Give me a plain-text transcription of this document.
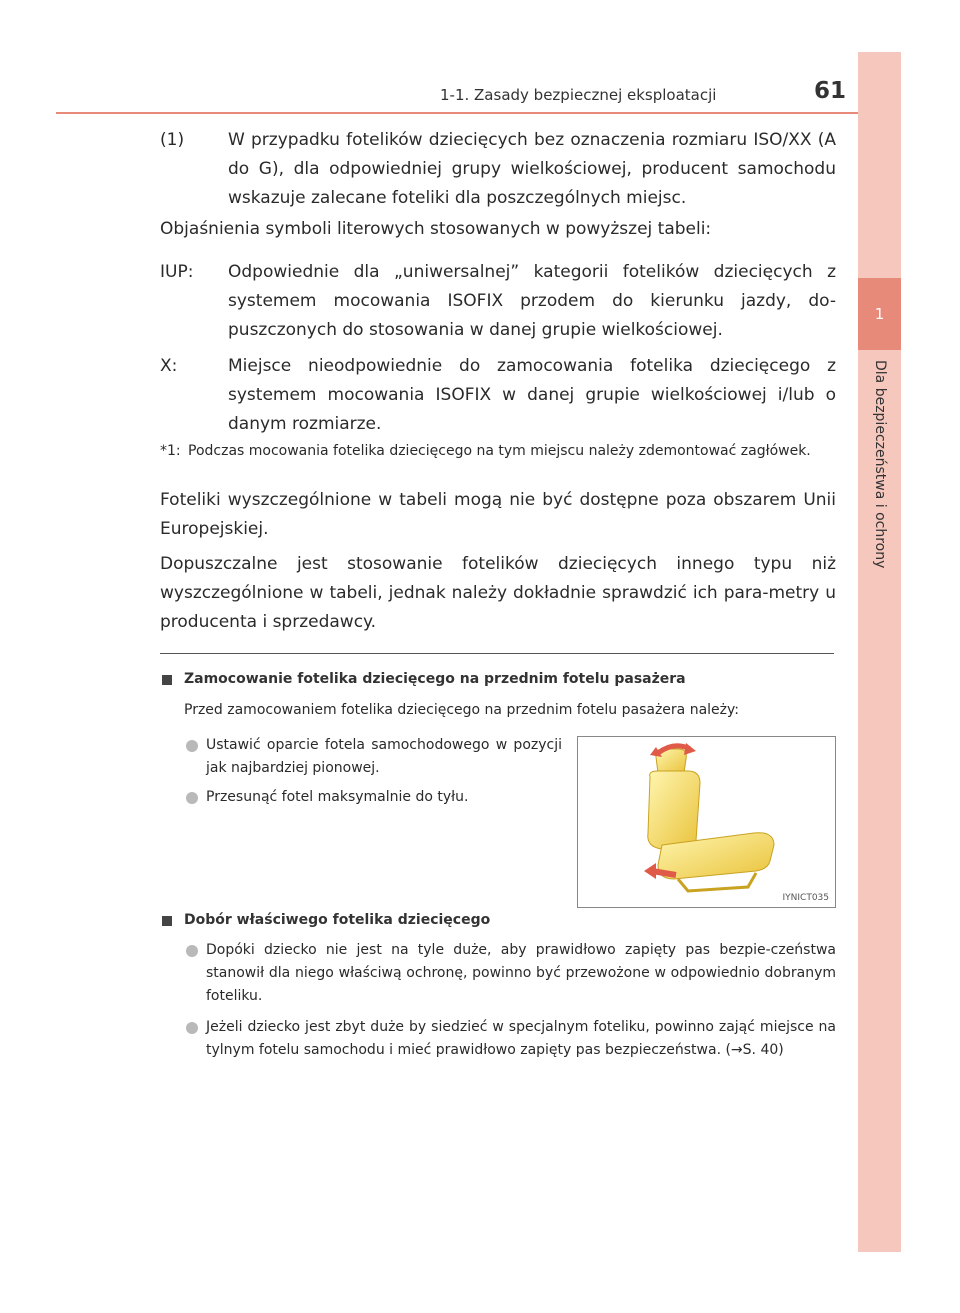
1
Dla bezpieczeństwa i ochrony
1-1. Zasady bezpiecznej eksploatacji	61
(1)	W przypadku fotelików dziecięcych bez oznaczenia rozmiaru ISO/XX (A do G), dla odpowiedniej grupy wielkościowej, producent samochodu wskazuje zalecane foteliki dla poszczególnych miejsc.
Objaśnienia symboli literowych stosowanych w powyższej tabeli:
IUP: Odpowiednie dla „uniwersalnej” kategorii fotelików dziecięcych z systemem mocowania ISOFIX przodem do kierunku jazdy, do-puszczonych do stosowania w danej grupie wielkościowej.
X:	Miejsce nieodpowiednie do zamocowania fotelika dziecięcego z systemem mocowania ISOFIX w danej grupie wielkościowej i/lub o danym rozmiarze.
*1: Podczas mocowania fotelika dziecięcego na tym miejscu należy zdemontować zagłówek.
Foteliki wyszczególnione w tabeli mogą nie być dostępne poza obszarem Unii Europejskiej.
Dopuszczalne jest stosowanie fotelików dziecięcych innego typu niż wyszczególnione w tabeli, jednak należy dokładnie sprawdzić ich para-metry u producenta i sprzedawcy.
Zamocowanie fotelika dziecięcego na przednim fotelu pasażera
Przed zamocowaniem fotelika dziecięcego na przednim fotelu pasażera należy:
Ustawić oparcie fotela samochodowego w pozycji jak najbardziej pionowej.
Przesunąć fotel maksymalnie do tyłu.
IYNICT035
Dobór właściwego fotelika dziecięcego
Dopóki dziecko nie jest na tyle duże, aby prawidłowo zapięty pas bezpie-czeństwa stanowił dla niego właściwą ochronę, powinno być przewożone w odpowiednio dobranym foteliku.
Jeżeli dziecko jest zbyt duże by siedzieć w specjalnym foteliku, powinno zająć miejsce na tylnym fotelu samochodu i mieć prawidłowo zapięty pas bezpieczeństwa. (→S. 40)
